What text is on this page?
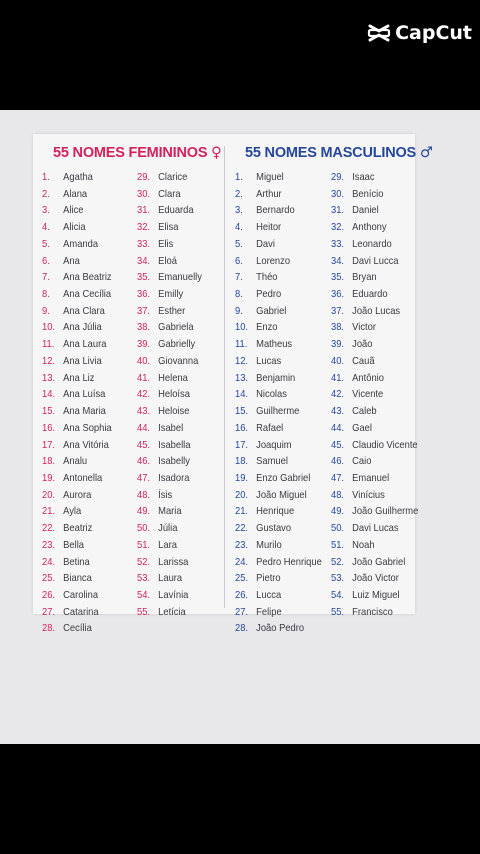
CapCut
55 NOMES FEMININOS ♀ 55 NOMES MASCULINOS ♂
1.	Agatha
2.	Alana
3.	Alice
4.	Alicia
5.	Amanda
6.	Ana
7.	Ana Beatriz
8.	Ana Cecília
9.	Ana Clara
10. Ana Júlia
11. Ana Laura
12. Ana Livia
13. Ana Liz
14. Ana Luísa
15. Ana Maria
16. Ana Sophia
17. Ana Vitória
18. Analu
19. Antonella
20. Aurora
21. Ayla
22. Beatriz
23. Bella
24. Betina
25. Bianca
26. Carolina
27. Catarina
28. Cecília
29. Clarice
30. Clara
31. Eduarda
32. Elisa
33. Elis
34. Eloá
35. Emanuelly
36. Emilly
37. Esther
38. Gabriela
39. Gabrielly
40. Giovanna
41. Helena
42. Heloísa
43. Heloise
44. Isabel
45. Isabella
46. Isabelly
47. Isadora
48. Ísis
49. Maria
50. Júlia
51. Lara
52. Larissa
53. Laura
54. Lavínia
55. Letícia
1.	Miguel
2.	Arthur
3.	Bernardo
4.	Heitor
5.	Davi
6.	Lorenzo
7.	Théo
8.	Pedro
9.	Gabriel
10. Enzo
11. Matheus
12. Lucas
13. Benjamin
14. Nicolas
15. Guilherme
16. Rafael
17. Joaquim
18. Samuel
19. Enzo Gabriel
20. João Miguel
21. Henrique
22. Gustavo
23. Murilo
24. Pedro Henrique
25. Pietro
26. Lucca
27. Felipe
28. João Pedro
29. Isaac
30. Benício
31. Daniel
32. Anthony
33. Leonardo
34. Davi Lucca
35. Bryan
36. Eduardo
37. João Lucas
38. Victor
39. João
40. Cauã
41. Antônio
42. Vicente
43. Caleb
44. Gael
45. Claudio Vicente
46. Caio
47. Emanuel
48. Vinícius
49. João Guilherme
50. Davi Lucas
51. Noah
52. João Gabriel
53. João Victor
54. Luiz Miguel
55. Francisco
